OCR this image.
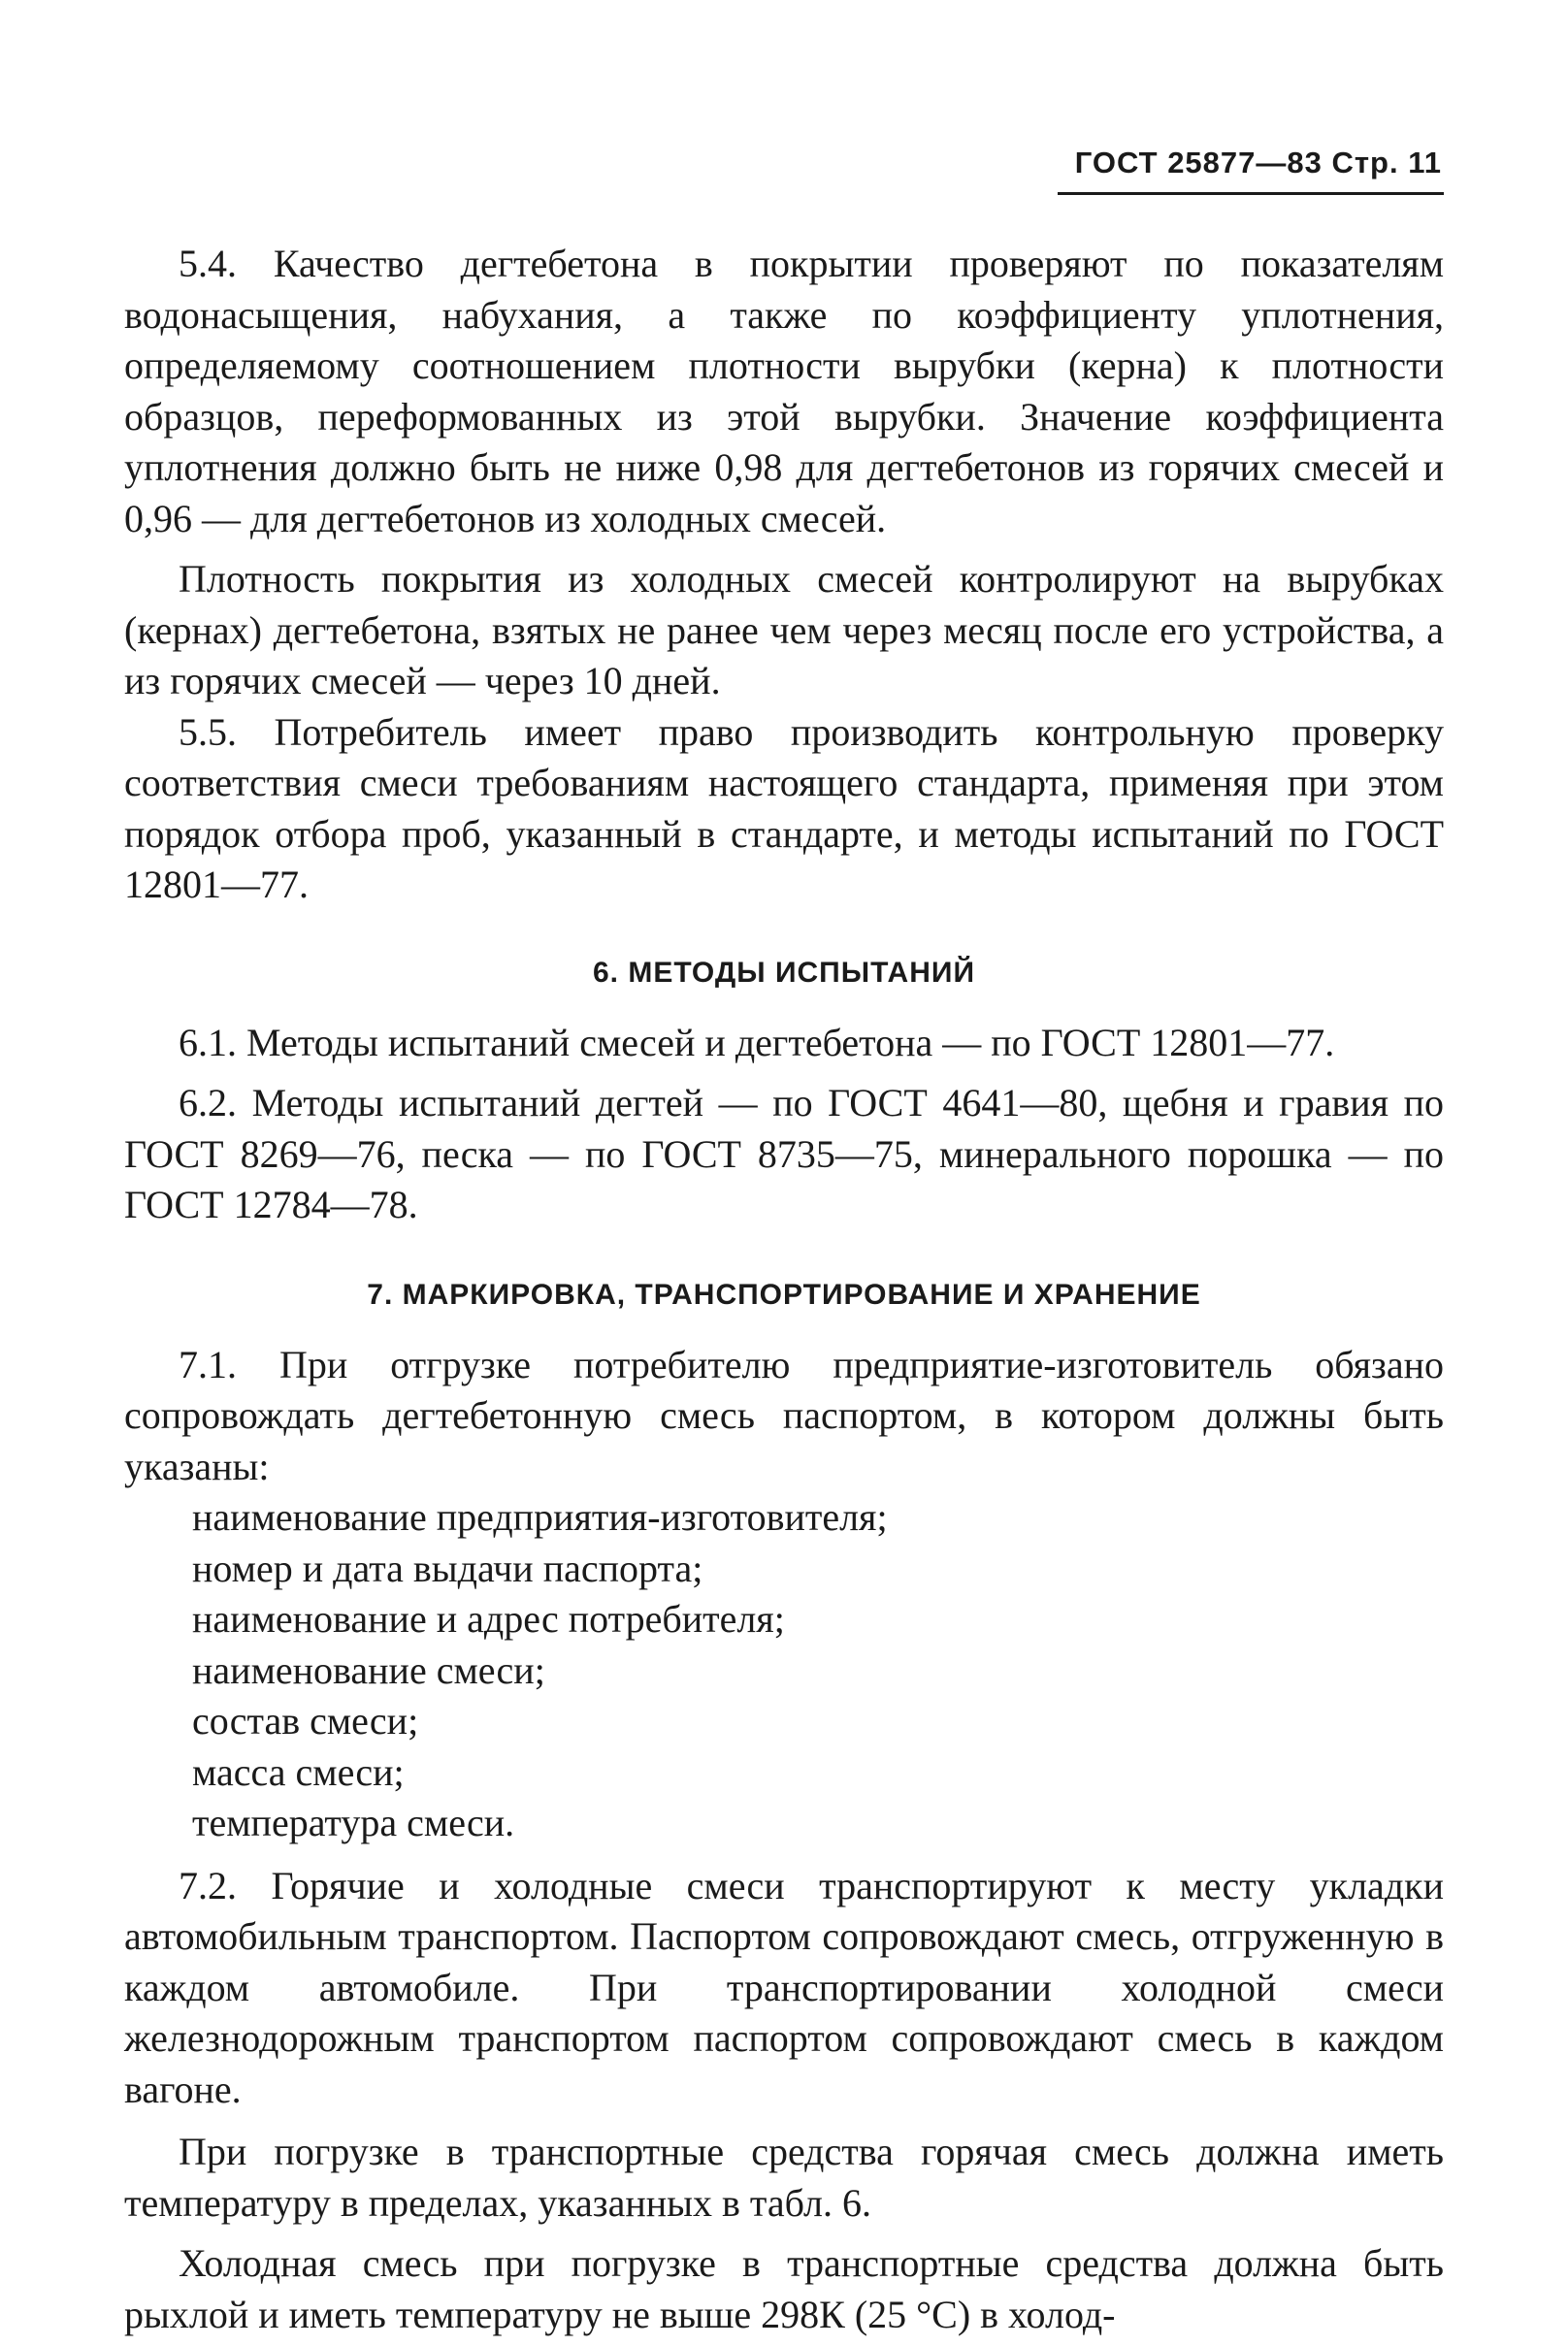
ГОСТ 25877—83 Стр. 11

5.4. Качество дегтебетона в покрытии проверяют по показателям водонасыщения, набухания, а также по коэффициенту уплотнения, определяемому соотношением плотности вырубки (керна) к плотности образцов, переформованных из этой вырубки. Значение коэффициента уплотнения должно быть не ниже 0,98 для дегтебетонов из горячих смесей и 0,96 — для дегтебетонов из холодных смесей.

Плотность покрытия из холодных смесей контролируют на вырубках (кернах) дегтебетона, взятых не ранее чем через месяц после его устройства, а из горячих смесей — через 10 дней.

5.5. Потребитель имеет право производить контрольную проверку соответствия смеси требованиям настоящего стандарта, применяя при этом порядок отбора проб, указанный в стандарте, и методы испытаний по ГОСТ 12801—77.

6. МЕТОДЫ ИСПЫТАНИЙ

6.1. Методы испытаний смесей и дегтебетона — по ГОСТ 12801—77.

6.2. Методы испытаний дегтей — по ГОСТ 4641—80, щебня и гравия по ГОСТ 8269—76, песка — по ГОСТ 8735—75, минерального порошка — по ГОСТ 12784—78.

7. МАРКИРОВКА, ТРАНСПОРТИРОВАНИЕ И ХРАНЕНИЕ

7.1. При отгрузке потребителю предприятие-изготовитель обязано сопровождать дегтебетонную смесь паспортом, в котором должны быть указаны:

наименование предприятия-изготовителя;
номер и дата выдачи паспорта;
наименование и адрес потребителя;
наименование смеси;
состав смеси;
масса смеси;
температура смеси.

7.2. Горячие и холодные смеси транспортируют к месту укладки автомобильным транспортом. Паспортом сопровождают смесь, отгруженную в каждом автомобиле. При транспортировании холодной смеси железнодорожным транспортом паспортом сопровождают смесь в каждом вагоне.

При погрузке в транспортные средства горячая смесь должна иметь температуру в пределах, указанных в табл. 6.

Холодная смесь при погрузке в транспортные средства должна быть рыхлой и иметь температуру не выше 298К (25 °С) в холод-
